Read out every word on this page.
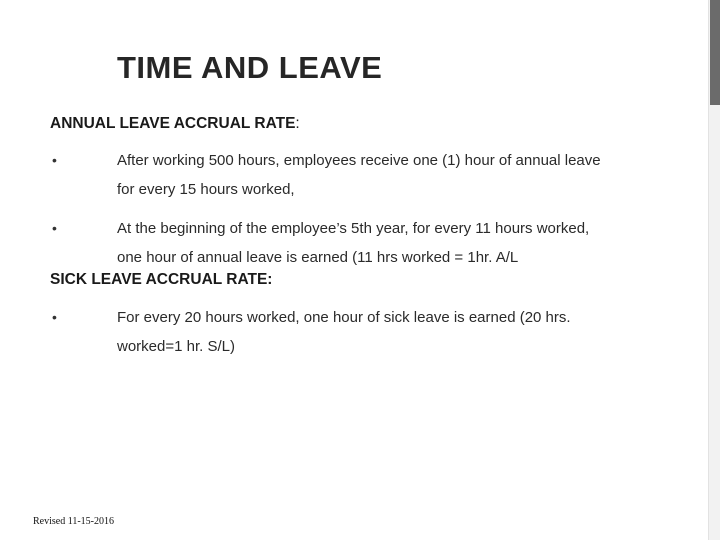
TIME AND LEAVE
ANNUAL LEAVE ACCRUAL RATE:
•	After working 500 hours, employees receive one (1) hour of annual leave
for every 15 hours worked,
•	At the beginning of the employee’s 5th year, for every 11 hours worked,
one hour of annual leave is earned (11 hrs worked = 1hr. A/L
SICK LEAVE ACCRUAL RATE:
•	For every 20 hours worked, one hour of sick leave is earned (20 hrs.
worked=1 hr. S/L)
Revised 11-15-2016
